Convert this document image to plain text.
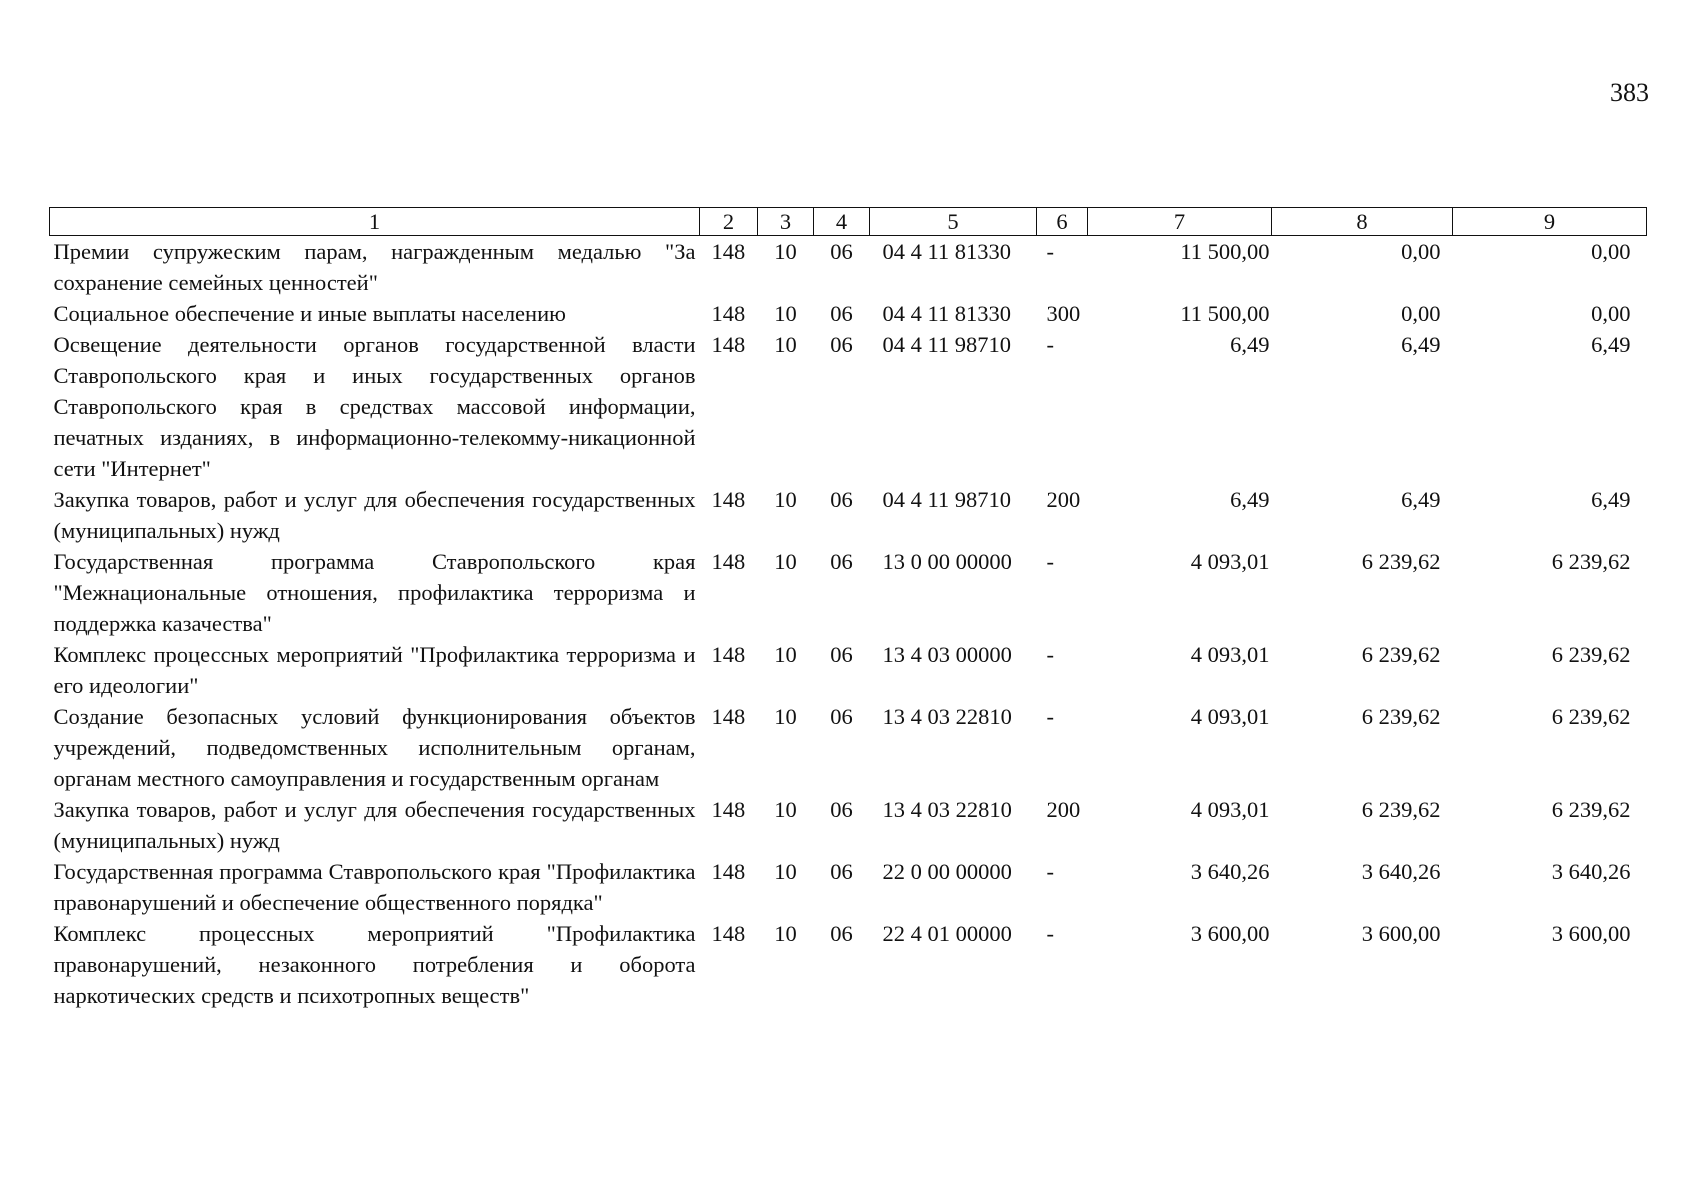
383
1	2	3	4	5	6	7	8	9
Премии супружеским парам, награжденным медалью "За сохранение семейных ценностей"	148	10	06	04 4 11 81330	-	11 500,00	0,00	0,00
Социальное обеспечение и иные выплаты населению	148	10	06	04 4 11 81330	300	11 500,00	0,00	0,00
Освещение деятельности органов государственной власти Ставропольского края и иных государственных органов Ставропольского края в средствах массовой информации, печатных изданиях, в информационно-телекомму-никационной сети "Интернет"	148	10	06	04 4 11 98710	-	6,49	6,49	6,49
Закупка товаров, работ и услуг для обеспечения государственных (муниципальных) нужд	148	10	06	04 4 11 98710	200	6,49	6,49	6,49
Государственная программа Ставропольского края "Межнациональные отношения, профилактика терроризма и поддержка казачества"	148	10	06	13 0 00 00000	-	4 093,01	6 239,62	6 239,62
Комплекс процессных мероприятий "Профилактика терроризма и его идеологии"	148	10	06	13 4 03 00000	-	4 093,01	6 239,62	6 239,62
Создание безопасных условий функционирования объектов учреждений, подведомственных исполнительным органам, органам местного самоуправления и государственным органам	148	10	06	13 4 03 22810	-	4 093,01	6 239,62	6 239,62
Закупка товаров, работ и услуг для обеспечения государственных (муниципальных) нужд	148	10	06	13 4 03 22810	200	4 093,01	6 239,62	6 239,62
Государственная программа Ставропольского края "Профилактика правонарушений и обеспечение общественного порядка"	148	10	06	22 0 00 00000	-	3 640,26	3 640,26	3 640,26
Комплекс процессных мероприятий "Профилактика правонарушений, незаконного потребления и оборота наркотических средств и психотропных веществ"	148	10	06	22 4 01 00000	-	3 600,00	3 600,00	3 600,00
